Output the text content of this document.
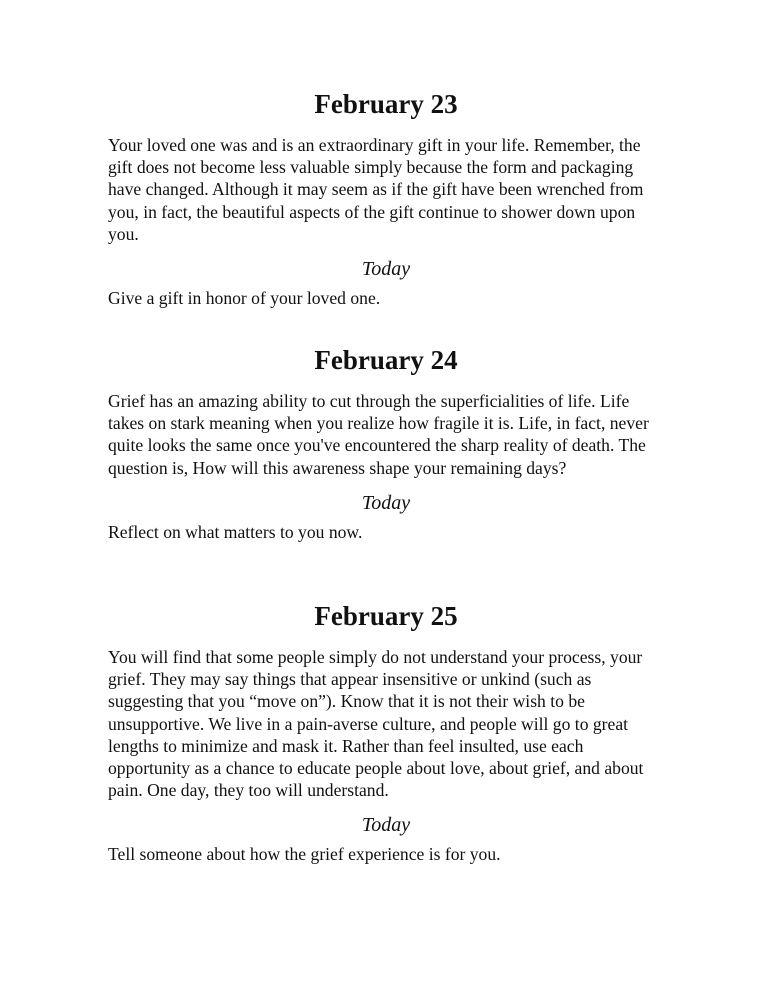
February 23

Your loved one was and is an extraordinary gift in your life. Remember, the gift does not become less valuable simply because the form and packaging have changed. Although it may seem as if the gift have been wrenched from you, in fact, the beautiful aspects of the gift continue to shower down upon you.

Today

Give a gift in honor of your loved one.

February 24

Grief has an amazing ability to cut through the superficialities of life. Life takes on stark meaning when you realize how fragile it is. Life, in fact, never quite looks the same once you've encountered the sharp reality of death. The question is, How will this awareness shape your remaining days?

Today

Reflect on what matters to you now.

February 25

You will find that some people simply do not understand your process, your grief. They may say things that appear insensitive or unkind (such as suggesting that you “move on”). Know that it is not their wish to be unsupportive. We live in a pain-averse culture, and people will go to great lengths to minimize and mask it. Rather than feel insulted, use each opportunity as a chance to educate people about love, about grief, and about pain. One day, they too will understand.

Today

Tell someone about how the grief experience is for you.
